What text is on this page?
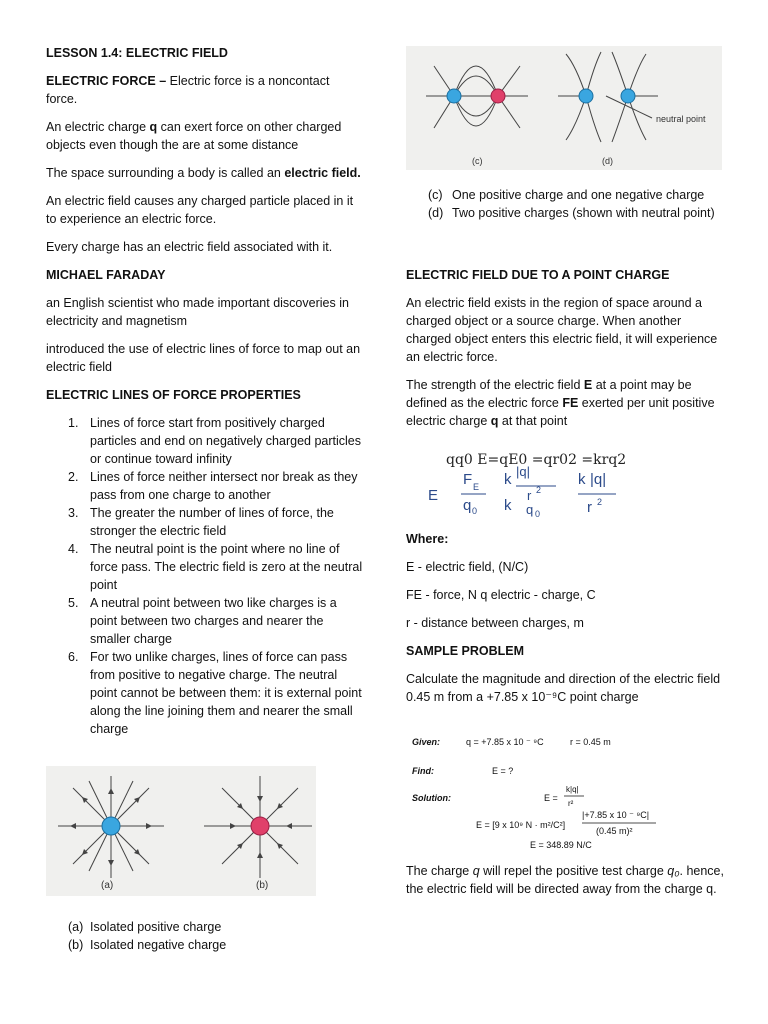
LESSON 1.4: ELECTRIC FIELD

ELECTRIC FORCE – Electric force is a noncontact force.

An electric charge q can exert force on other charged objects even though the are at some distance

The space surrounding a body is called an electric field.

An electric field causes any charged particle placed in it to experience an electric force.

Every charge has an electric field associated with it.

MICHAEL FARADAY

an English scientist who made important discoveries in electricity and magnetism

introduced the use of electric lines of force to map out an electric field

ELECTRIC LINES OF FORCE PROPERTIES

1. Lines of force start from positively charged particles and end on negatively charged particles or continue toward infinity
2. Lines of force neither intersect nor break as they pass from one charge to another
3. The greater the number of lines of force, the stronger the electric field
4. The neutral point is the point where no line of force pass. The electric field is zero at the neutral point
5. A neutral point between two like charges is a point between two charges and nearer the smaller charge
6. For two unlike charges, lines of force can pass from positive to negative charge. The neutral point cannot be between them: it is external point along the line joining them and nearer the small charge
(a)	(b)
(a) Isolated positive charge
(b) Isolated negative charge
neutral point
(c)	(d)
(c) One positive charge and one negative charge
(d) Two positive charges (shown with neutral point)

ELECTRIC FIELD DUE TO A POINT CHARGE

An electric field exists in the region of space around a charged object or a source charge. When another charged object enters this electric field, it will experience an electric force.

The strength of the electric field E at a point may be defined as the electric force FE exerted per unit positive electric charge q at that point

qq0 E=qE0 =qr02 =krq2
E
F E
q 0
k |q|
r 2
k q 0
k |q|
r 2

Where:

E - electric field, (N/C)

FE - force, N q electric - charge, C

r - distance between charges, m

SAMPLE PROBLEM

Calculate the magnitude and direction of the electric field 0.45 m from a +7.85 x 10⁻⁹C point charge

Given:	q = +7.85 x 10 ⁻ ⁹C	r = 0.45 m
Find:	E = ?
Solution:	E =
k|q|
r²
E = [9 x 10⁹ N · m²/C²]
|+7.85 x 10 ⁻ ⁹C|
(0.45 m)²
E = 348.89 N/C

The charge q will repel the positive test charge q₀. hence, the electric field will be directed away from the charge q.
